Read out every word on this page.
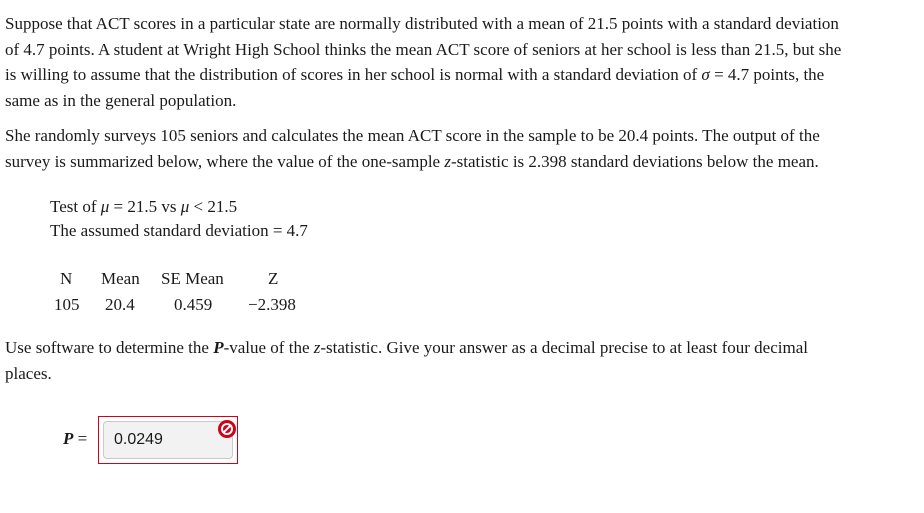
Suppose that ACT scores in a particular state are normally distributed with a mean of 21.5 points with a standard deviation
of 4.7 points. A student at Wright High School thinks the mean ACT score of seniors at her school is less than 21.5, but she
is willing to assume that the distribution of scores in her school is normal with a standard deviation of σ = 4.7 points, the
same as in the general population.

She randomly surveys 105 seniors and calculates the mean ACT score in the sample to be 20.4 points. The output of the
survey is summarized below, where the value of the one-sample z-statistic is 2.398 standard deviations below the mean.

Test of μ = 21.5 vs μ < 21.5
The assumed standard deviation = 4.7
N Mean SE Mean	Z
105 20.4 0.459 −2.398

Use software to determine the P-value of the z-statistic. Give your answer as a decimal precise to at least four decimal
places.

P =	0.0249
